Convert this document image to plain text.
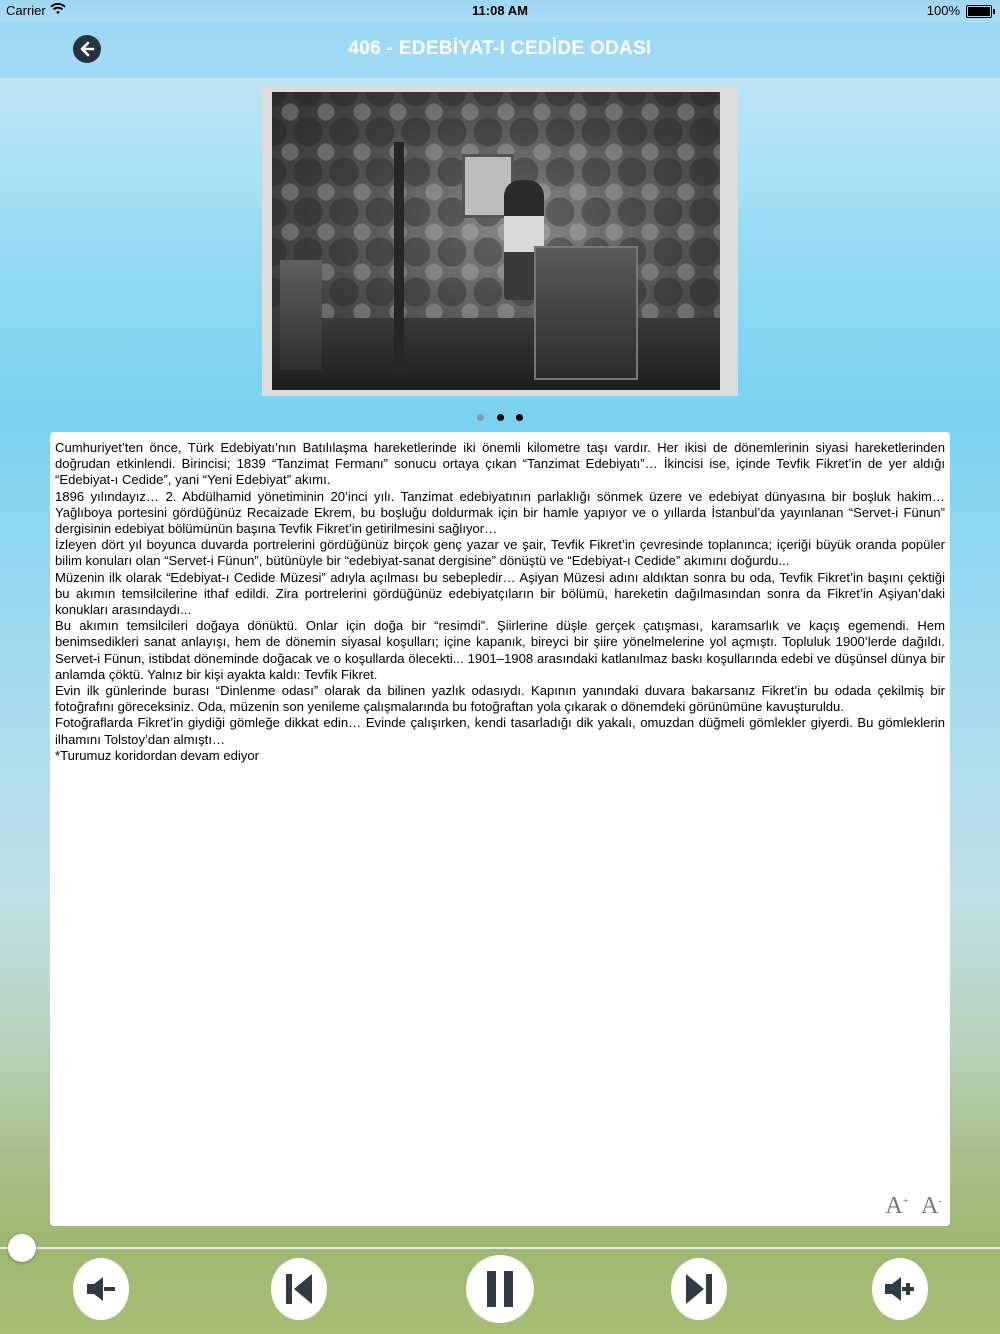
Carrier	11:08 AM	100%
406 - EDEBİYAT-I CEDİDE ODASI

Cumhuriyet’ten önce, Türk Edebiyatı’nın Batılılaşma hareketlerinde iki önemli kilometre taşı vardır. Her ikisi de dönemlerinin siyasi hareketlerinden doğrudan etkinlendi. Birincisi; 1839 “Tanzimat Fermanı” sonucu ortaya çıkan “Tanzimat Edebiyatı”… İkincisi ise, içinde Tevfik Fikret’in de yer aldığı “Edebiyat-ı Cedide”, yani “Yeni Edebiyat” akımı.

1896 yılındayız… 2. Abdülhamid yönetiminin 20’inci yılı. Tanzimat edebiyatının parlaklığı sönmek üzere ve edebiyat dünyasına bir boşluk hakim… Yağlıboya portesini gördüğünüz Recaizade Ekrem, bu boşluğu doldurmak için bir hamle yapıyor ve o yıllarda İstanbul’da yayınlanan “Servet-i Fünun” dergisinin edebiyat bölümünün başına Tevfik Fikret’in getirilmesini sağlıyor…

İzleyen dört yıl boyunca duvarda portrelerini gördüğünüz birçok genç yazar ve şair, Tevfik Fikret’in çevresinde toplanınca; içeriği büyük oranda popüler bilim konuları olan “Servet-i Fünun”, bütünüyle bir “edebiyat-sanat dergisine” dönüştü ve “Edebiyat-ı Cedide” akımını doğurdu...

Müzenin ilk olarak “Edebiyat-ı Cedide Müzesi” adıyla açılması bu sebepledir… Aşiyan Müzesi adını aldıktan sonra bu oda, Tevfik Fikret’in başını çektiği bu akımın temsilcilerine ithaf edildi. Zira portrelerini gördüğünüz edebiyatçıların bir bölümü, hareketin dağılmasından sonra da Fikret’in Aşiyan’daki konukları arasındaydı...

Bu akımın temsilcileri doğaya dönüktü. Onlar için doğa bir “resimdi”. Şiirlerine düşle gerçek çatışması, karamsarlık ve kaçış egemendi. Hem benimsedikleri sanat anlayışı, hem de dönemin siyasal koşulları; içine kapanık, bireyci bir şiire yönelmelerine yol açmıştı. Topluluk 1900’lerde dağıldı. Servet-i Fünun, istibdat döneminde doğacak ve o koşullarda ölecekti... 1901–1908 arasındaki katlanılmaz baskı koşullarında edebi ve düşünsel dünya bir anlamda çöktü. Yalnız bir kişi ayakta kaldı: Tevfik Fikret.

Evin ilk günlerinde burası “Dinlenme odası” olarak da bilinen yazlık odasıydı. Kapının yanındaki duvara bakarsanız Fikret’in bu odada çekilmiş bir fotoğrafını göreceksiniz. Oda, müzenin son yenileme çalışmalarında bu fotoğraftan yola çıkarak o dönemdeki görünümüne kavuşturuldu.

Fotoğraflarda Fikret’in giydiği gömleğe dikkat edin… Evinde çalışırken, kendi tasarladığı dik yakalı, omuzdan düğmeli gömlekler giyerdi. Bu gömleklerin ilhamını Tolstoy’dan almıştı…

*Turumuz koridordan devam ediyor

A+ A-
